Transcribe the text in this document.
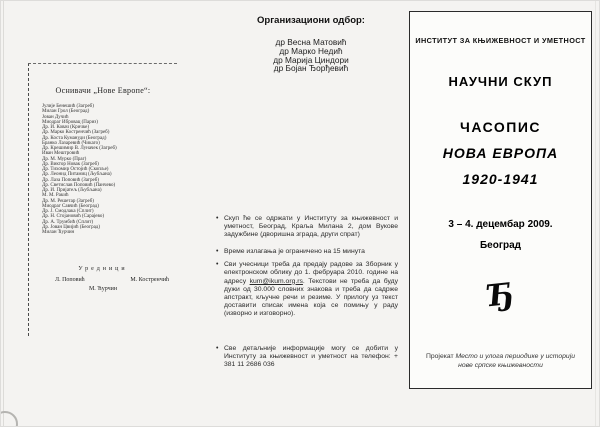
Организациони одбор:
др Весна Матовић
др Марко Недић
др Марија Циндори
др Бојан Ђорђевић
• Скуп ће се одржати у Институту за књижевност и уметност, Београд, Краља Милана 2, дом Вукове задужбине (дворишна зграда, други спрат)
• Време излагања је ограничено на 15 минута
• Сви учесници треба да предају радове за Зборник у електронском облику до 1. фебруара 2010. године на адресу kum@ikum.org.rs. Текстови не треба да буду дужи од 30.000 словних знакова и треба да садрже апстракт, кључне речи и резиме. У прилогу уз текст доставити списак имена која се помињу у раду (изворно и изговорно).
• Све детаљније информације могу се добити у Институту за књижевност и уметност на телефон: + 381 11 2686 036
Оснивачи „Нове Европе“:
Јулије Бенешић (Загреб)
Милан Грол (Београд)
Јован Дучић
Миодраг Ибровац (Париз)
Др. И. Ковач (Кричке)
Др. Марко Костренчић (Загреб)
Др. Коста Кумануди (Београд)
Бранко Лазаревић (Чикаго)
Др. Крешимир В. Луначек (Загреб)
Иван Мештровић
Др. М. Мурко (Праг)
Др. Виктор Новак (Загреб)
Др. Тихомир Остојић (Скопље)
Др. Леонид Питамиц (Љубљана)
Др. Лаза Поповић (Загреб)
Др. Светислав Поповић (Панчево)
Др. И. Пријатељ (Љубљана)
М. М. Ракић
Др. М. Решетар (Загреб)
Миодраг Савчић (Београд)
Др. Ј. Смодлака (Сплит)
Др. Н. Стојановић (Сарајево)
Др. А. Трумбић (Сплит)
Др. Јован Цвијић (Београд)
Милан Ћурчин
Уредници
Л. Поповић	М. Костренчић
М. Ћурчин
ИНСТИТУТ ЗА КЊИЖЕВНОСТ И УМЕТНОСТ
НАУЧНИ СКУП
ЧАСОПИС
НОВА ЕВРОПА
1920-1941
3 – 4. децембар 2009.
Београд
Ђ
Пројекат Место и улога периодике у историји нове српске књижевности
